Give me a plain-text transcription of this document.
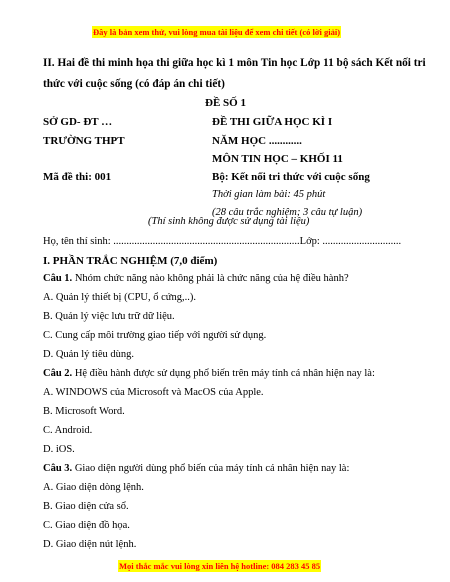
Đây là bản xem thử, vui lòng mua tài liệu để xem chi tiết (có lời giải)
II. Hai đề thi minh họa thi giữa học kì 1 môn Tin học Lớp 11 bộ sách Kết nối tri
thức với cuộc sống (có đáp án chi tiết)
ĐỀ SỐ 1
SỞ GD- ĐT …
TRƯỜNG THPT
Mã đề thi: 001
ĐỀ THI GIỮA HỌC KÌ I
NĂM HỌC ............
MÔN TIN HỌC – KHỐI 11
Bộ: Kết nối tri thức với cuộc sống
Thời gian làm bài: 45 phút
(28 câu trắc nghiệm; 3 câu tự luận)
(Thí sinh không được sử dụng tài liệu)
Họ, tên thí sinh: .......................................................................Lớp: ..............................
I. PHẦN TRẮC NGHIỆM (7,0 điểm)
Câu 1. Nhóm chức năng nào không phải là chức năng của hệ điều hành?
A. Quản lý thiết bị (CPU, ổ cứng,..).
B. Quản lý việc lưu trữ dữ liệu.
C. Cung cấp môi trường giao tiếp với người sử dụng.
D. Quản lý tiêu dùng.
Câu 2. Hệ điều hành được sử dụng phổ biến trên máy tính cá nhân hiện nay là:
A. WINDOWS của Microsoft và MacOS của Apple.
B. Microsoft Word.
C. Android.
D. iOS.
Câu 3. Giao diện người dùng phổ biến của máy tính cá nhân hiện nay là:
A. Giao diện dòng lệnh.
B. Giao diện cửa sổ.
C. Giao diện đồ họa.
D. Giao diện nút lệnh.
Mọi thắc mắc vui lòng xin liên hệ hotline: 084 283 45 85
